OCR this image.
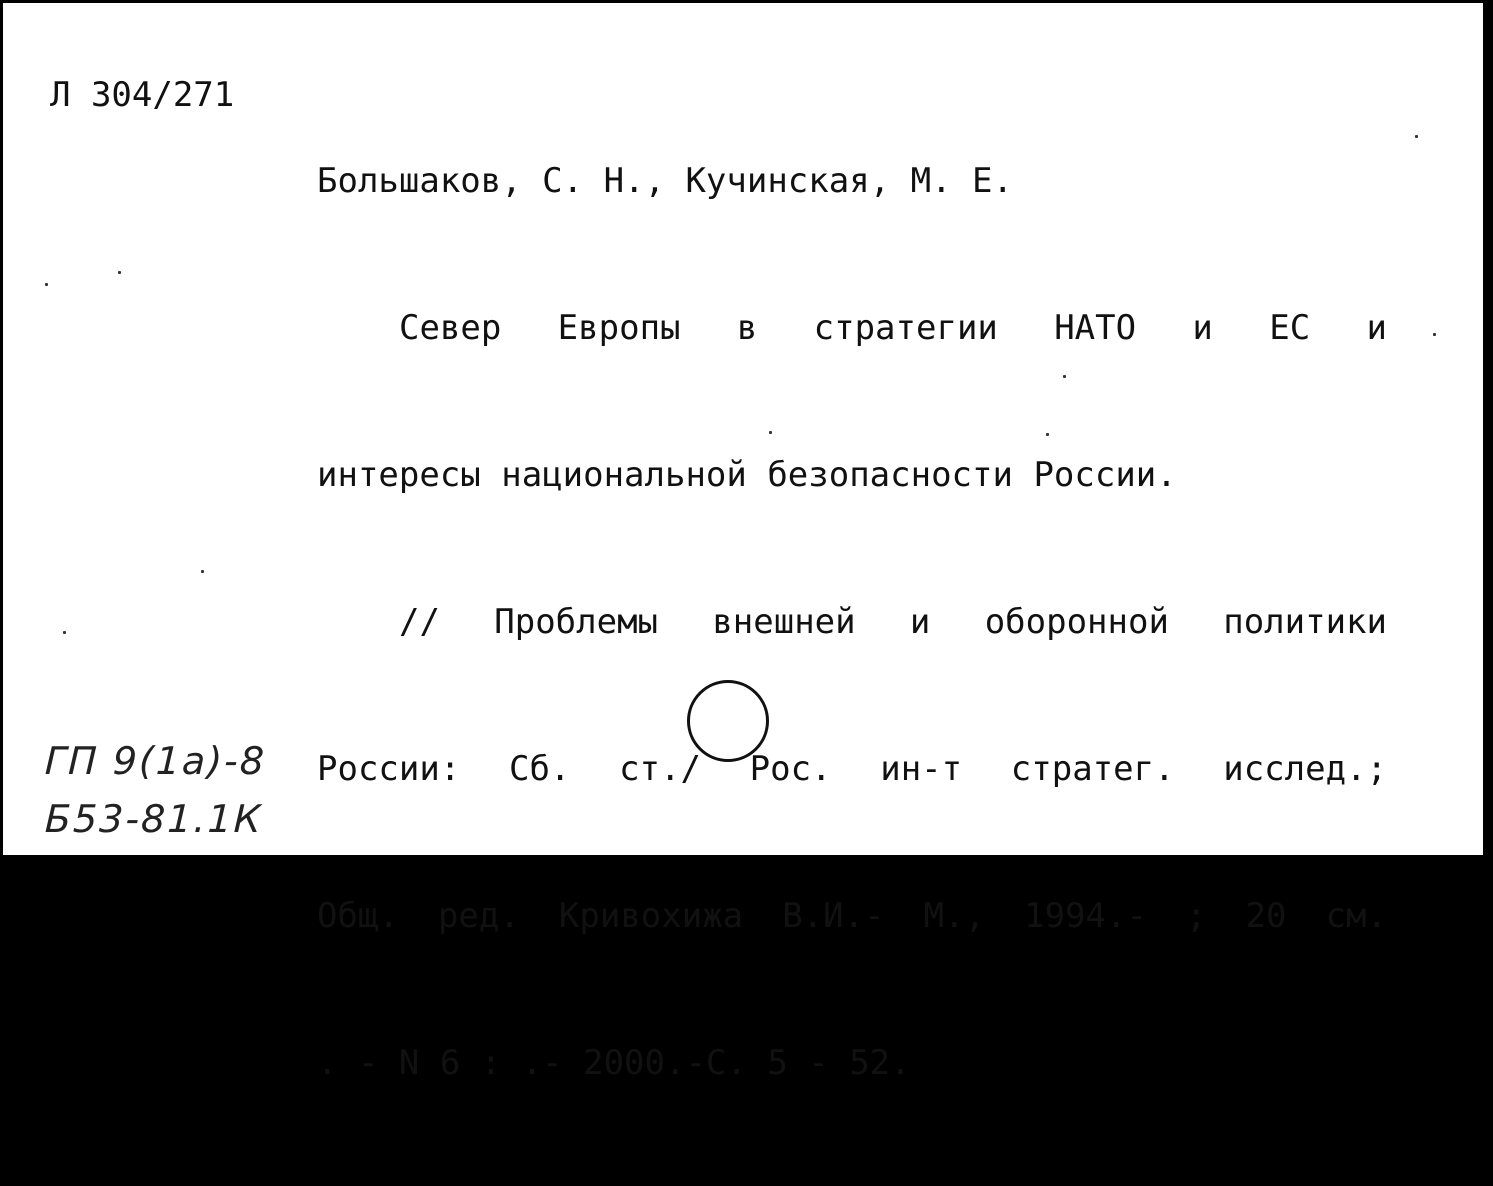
Л 304/271

Большаков, С. Н., Кучинская, М. Е.

Север Европы в стратегии НАТО и ЕС и

интересы национальной безопасности России.

// Проблемы внешней и оборонной политики

России: Сб. ст./ Рос. ин-т стратег. исслед.;

Общ. ред. Кривохижа В.И.- М., 1994.- ; 20 см.

. - N 6 : .- 2000.-С. 5 - 52.

ГП 9(1а)-8
Б53-81.1К
